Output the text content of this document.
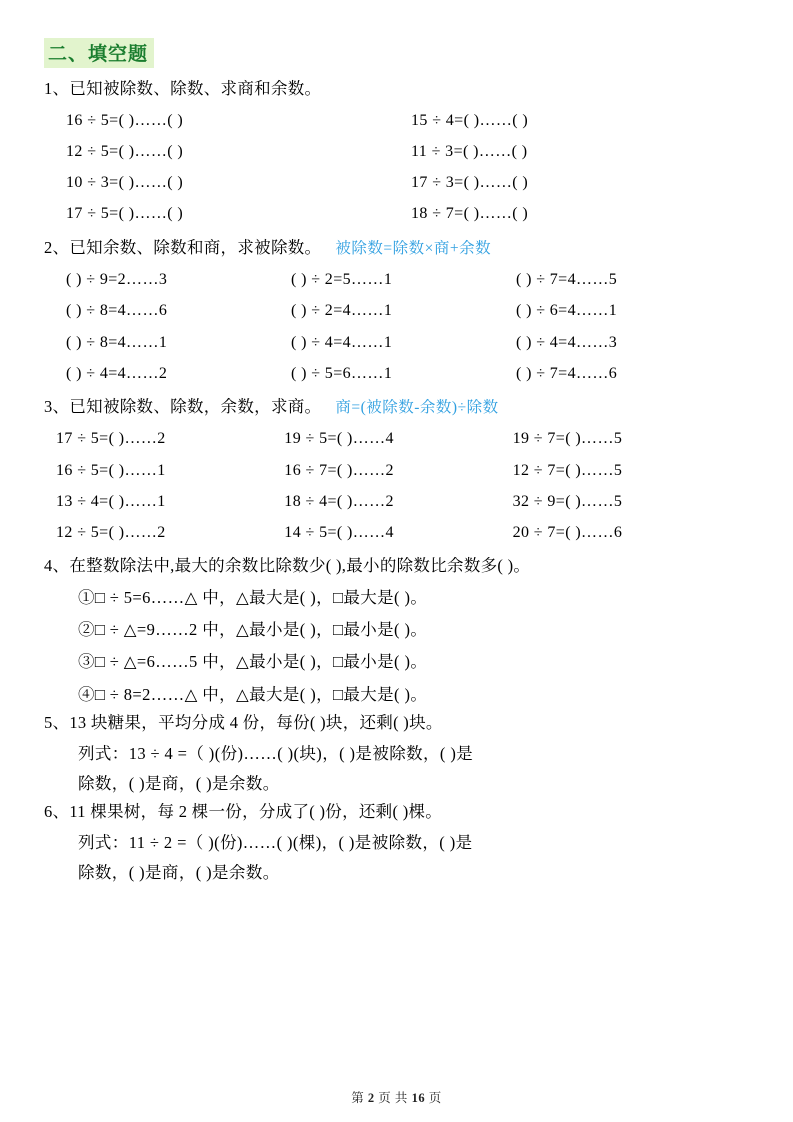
二、填空题
1、已知被除数、除数、求商和余数。
16 ÷ 5=( )……( )	15 ÷ 4=( )……( )
12 ÷ 5=( )……( )	11 ÷ 3=( )……( )
10 ÷ 3=( )……( )	17 ÷ 3=( )……( )
17 ÷ 5=( )……( )	18 ÷ 7=( )……( )
2、已知余数、除数和商，求被除数。 被除数=除数×商+余数
( ) ÷ 9=2……3	( ) ÷ 2=5……1	( ) ÷ 7=4……5
( ) ÷ 8=4……6	( ) ÷ 2=4……1	( ) ÷ 6=4……1
( ) ÷ 8=4……1	( ) ÷ 4=4……1	( ) ÷ 4=4……3
( ) ÷ 4=4……2	( ) ÷ 5=6……1	( ) ÷ 7=4……6
3、已知被除数、除数，余数，求商。 商=(被除数-余数)÷除数
17 ÷ 5=( )……2	19 ÷ 5=( )……4	19 ÷ 7=( )……5
16 ÷ 5=( )……1	16 ÷ 7=( )……2	12 ÷ 7=( )……5
13 ÷ 4=( )……1	18 ÷ 4=( )……2	32 ÷ 9=( )……5
12 ÷ 5=( )……2	14 ÷ 5=( )……4	20 ÷ 7=( )……6
4、在整数除法中,最大的余数比除数少( ),最小的除数比余数多( )。
①□ ÷ 5=6……△ 中，△最大是( )，□最大是( )。
②□ ÷ △=9……2 中，△最小是( )，□最小是( )。
③□ ÷ △=6……5 中，△最小是( )，□最小是( )。
④□ ÷ 8=2……△ 中，△最大是( )，□最大是( )。
5、13 块糖果，平均分成 4 份，每份( )块，还剩( )块。
列式：13 ÷ 4 =（ )(份)……( )(块)，( )是被除数，( )是
除数，( )是商，( )是余数。
6、11 棵果树，每 2 棵一份，分成了( )份，还剩( )棵。
列式：11 ÷ 2 =（ )(份)……( )(棵)，( )是被除数，( )是
除数，( )是商，( )是余数。
第 2 页 共 16 页
